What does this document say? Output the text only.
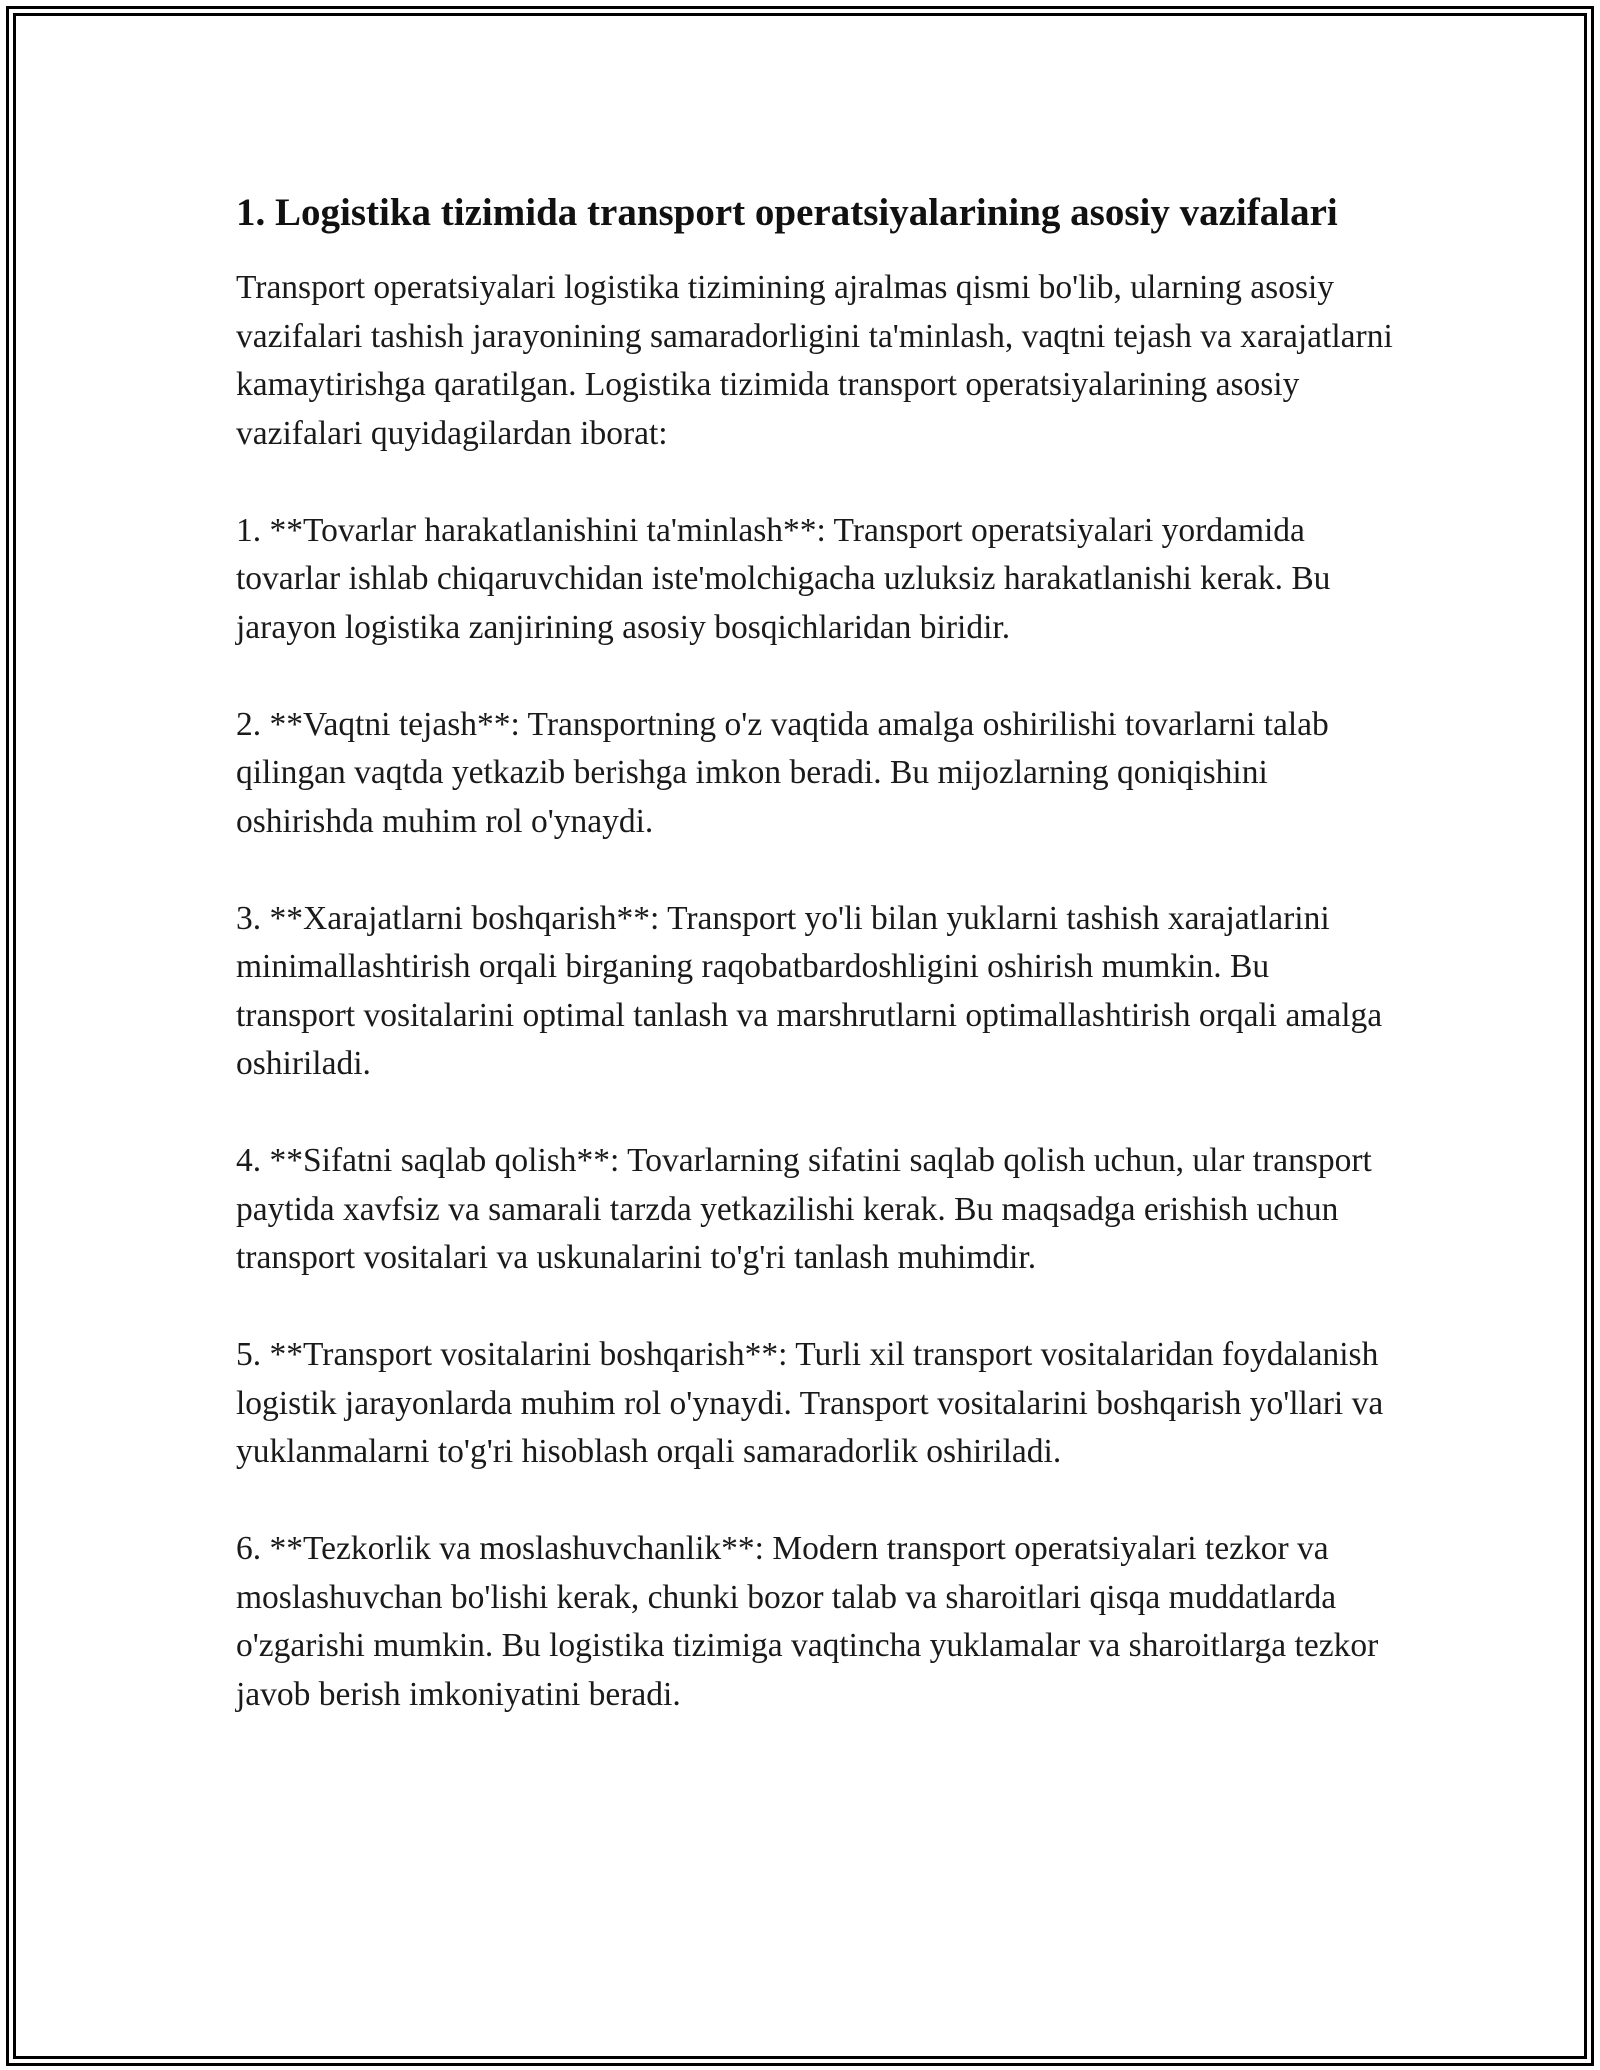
1. Logistika tizimida transport operatsiyalarining asosiy vazifalari

Transport operatsiyalari logistika tizimining ajralmas qismi bo'lib, ularning asosiy vazifalari tashish jarayonining samaradorligini ta'minlash, vaqtni tejash va xarajatlarni kamaytirishga qaratilgan. Logistika tizimida transport operatsiyalarining asosiy vazifalari quyidagilardan iborat:

1. **Tovarlar harakatlanishini ta'minlash**: Transport operatsiyalari yordamida tovarlar ishlab chiqaruvchidan iste'molchigacha uzluksiz harakatlanishi kerak. Bu jarayon logistika zanjirining asosiy bosqichlaridan biridir.

2. **Vaqtni tejash**: Transportning o'z vaqtida amalga oshirilishi tovarlarni talab qilingan vaqtda yetkazib berishga imkon beradi. Bu mijozlarning qoniqishini oshirishda muhim rol o'ynaydi.

3. **Xarajatlarni boshqarish**: Transport yo'li bilan yuklarni tashish xarajatlarini minimallashtirish orqali birganing raqobatbardoshligini oshirish mumkin. Bu transport vositalarini optimal tanlash va marshrutlarni optimallashtirish orqali amalga oshiriladi.

4. **Sifatni saqlab qolish**: Tovarlarning sifatini saqlab qolish uchun, ular transport paytida xavfsiz va samarali tarzda yetkazilishi kerak. Bu maqsadga erishish uchun transport vositalari va uskunalarini to'g'ri tanlash muhimdir.

5. **Transport vositalarini boshqarish**: Turli xil transport vositalaridan foydalanish logistik jarayonlarda muhim rol o'ynaydi. Transport vositalarini boshqarish yo'llari va yuklanmalarni to'g'ri hisoblash orqali samaradorlik oshiriladi.

6. **Tezkorlik va moslashuvchanlik**: Modern transport operatsiyalari tezkor va moslashuvchan bo'lishi kerak, chunki bozor talab va sharoitlari qisqa muddatlarda o'zgarishi mumkin. Bu logistika tizimiga vaqtincha yuklamalar va sharoitlarga tezkor javob berish imkoniyatini beradi.
